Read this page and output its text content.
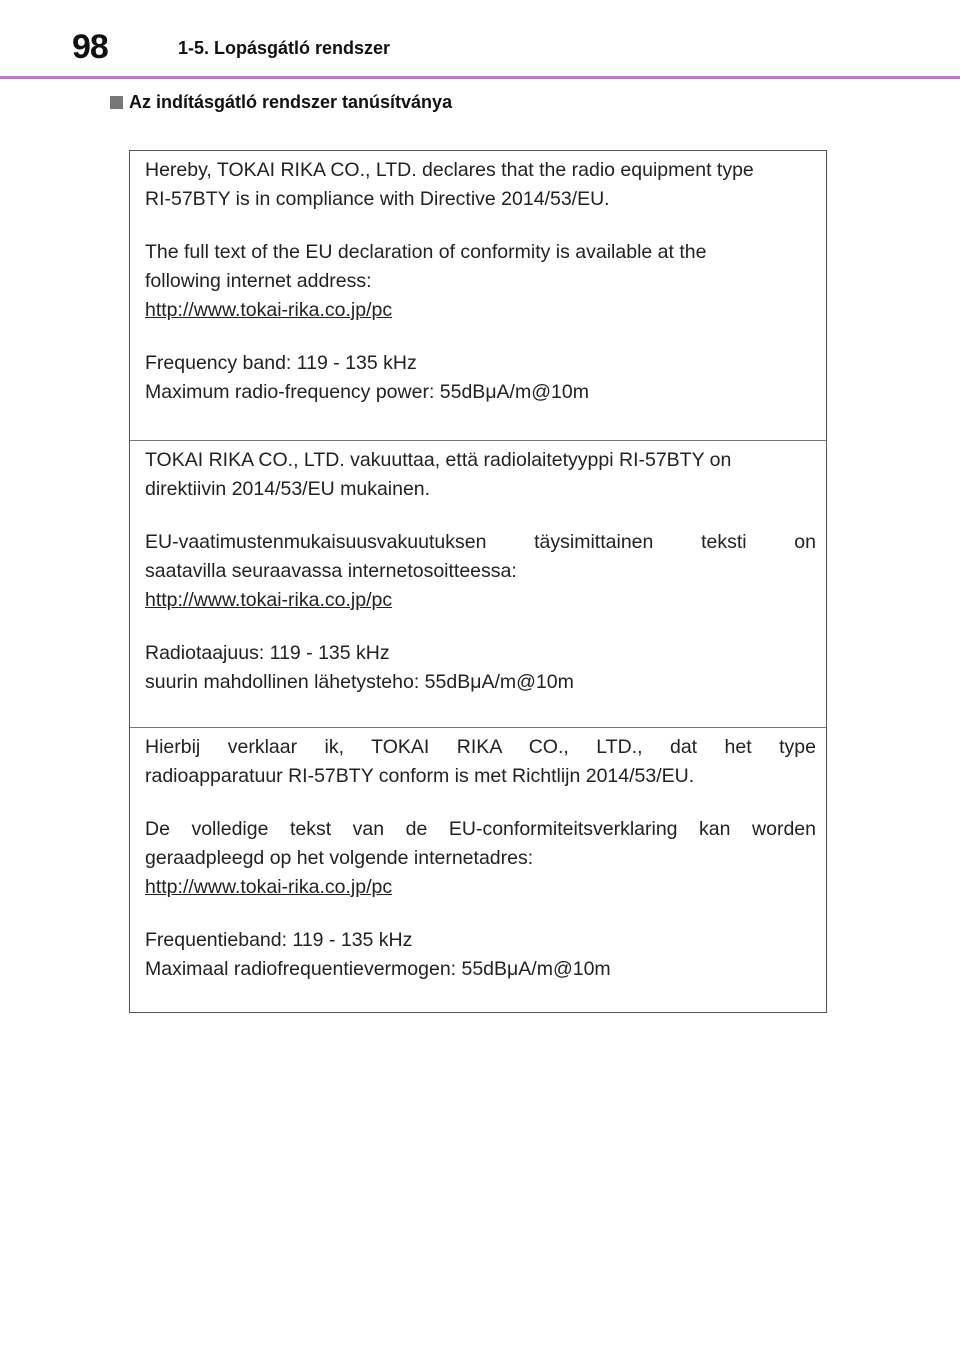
98	1-5. Lopásgátló rendszer
Az indításgátló rendszer tanúsítványa

Hereby, TOKAI RIKA CO., LTD. declares that the radio equipment type

RI-57BTY is in compliance with Directive 2014/53/EU.

The full text of the EU declaration of conformity is available at the

following internet address:

http://www.tokai-rika.co.jp/pc

Frequency band: 119 - 135 kHz

Maximum radio-frequency power: 55dBμA/m@10m

TOKAI RIKA CO., LTD. vakuuttaa, että radiolaitetyyppi RI-57BTY on

direktiivin 2014/53/EU mukainen.

EU-vaatimustenmukaisuusvakuutuksen täysimittainen teksti on

saatavilla seuraavassa internetosoitteessa:

http://www.tokai-rika.co.jp/pc

Radiotaajuus: 119 - 135 kHz

suurin mahdollinen lähetysteho: 55dBμA/m@10m

Hierbij verklaar ik, TOKAI RIKA CO., LTD., dat het type

radioapparatuur RI-57BTY conform is met Richtlijn 2014/53/EU.

De volledige tekst van de EU-conformiteitsverklaring kan worden

geraadpleegd op het volgende internetadres:

http://www.tokai-rika.co.jp/pc

Frequentieband: 119 - 135 kHz

Maximaal radiofrequentievermogen: 55dBμA/m@10m
